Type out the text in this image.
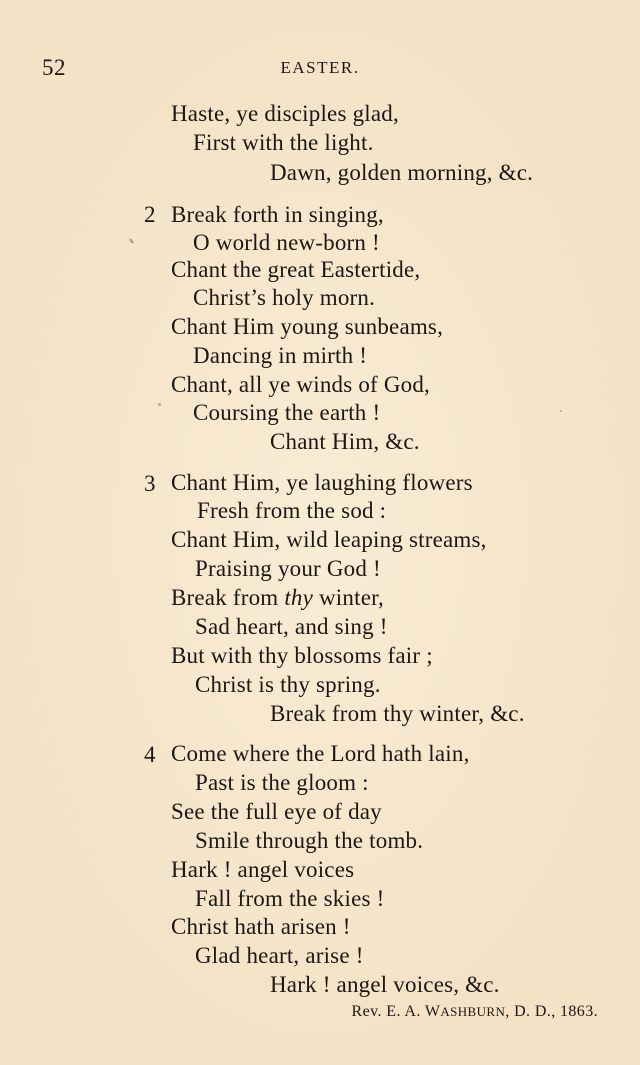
52	EASTER.
Haste, ye disciples glad,
First with the light.
Dawn, golden morning, &c.
2 Break forth in singing,
O world new-born !
Chant the great Eastertide,
Christ’s holy morn.
Chant Him young sunbeams,
Dancing in mirth !
Chant, all ye winds of God,
Coursing the earth !
Chant Him, &c.
3 Chant Him, ye laughing flowers
Fresh from the sod :
Chant Him, wild leaping streams,
Praising your God !
Break from thy winter,
Sad heart, and sing !
But with thy blossoms fair ;
Christ is thy spring.
Break from thy winter, &c.
4 Come where the Lord hath lain,
Past is the gloom :
See the full eye of day
Smile through the tomb.
Hark ! angel voices
Fall from the skies !
Christ hath arisen !
Glad heart, arise !
Hark ! angel voices, &c.
Rev. E. A. WASHBURN, D. D., 1863.
